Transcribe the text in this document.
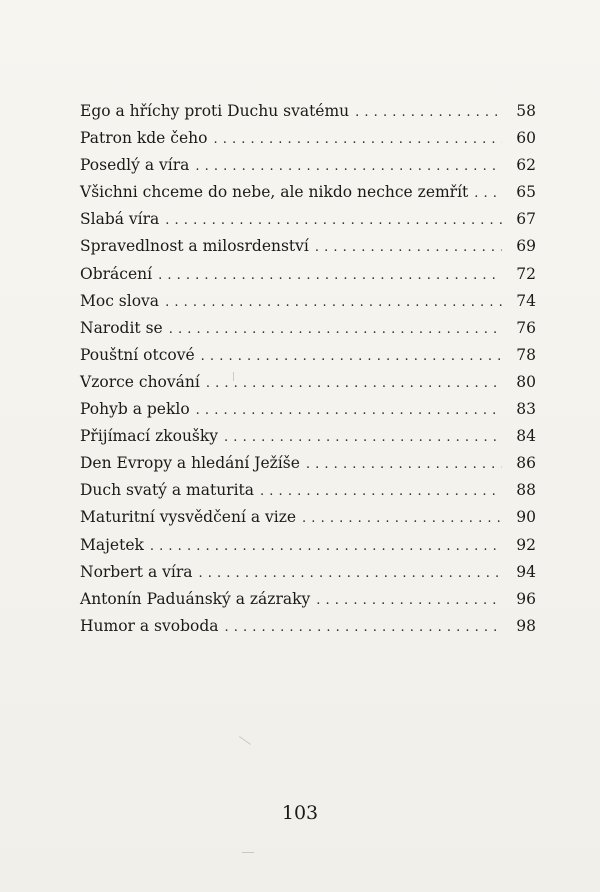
Ego a hříchy proti Duchu svatému . . .	58
Patron kde čeho . . .	60
Posedlý a víra . . .	62
Všichni chceme do nebe, ale nikdo nechce zemřít . . .	65
Slabá víra . . .	67
Spravedlnost a milosrdenství . . .	69
Obrácení . . .	72
Moc slova . . .	74
Narodit se . . .	76
Pouštní otcové . . .	78
Vzorce chování . . .	80
Pohyb a peklo . . .	83
Přijímací zkoušky . . .	84
Den Evropy a hledání Ježíše . . .	86
Duch svatý a maturita . . .	88
Maturitní vysvědčení a vize . . .	90
Majetek . . .	92
Norbert a víra . . .	94
Antonín Paduánský a zázraky . . .	96
Humor a svoboda . . .	98
103
